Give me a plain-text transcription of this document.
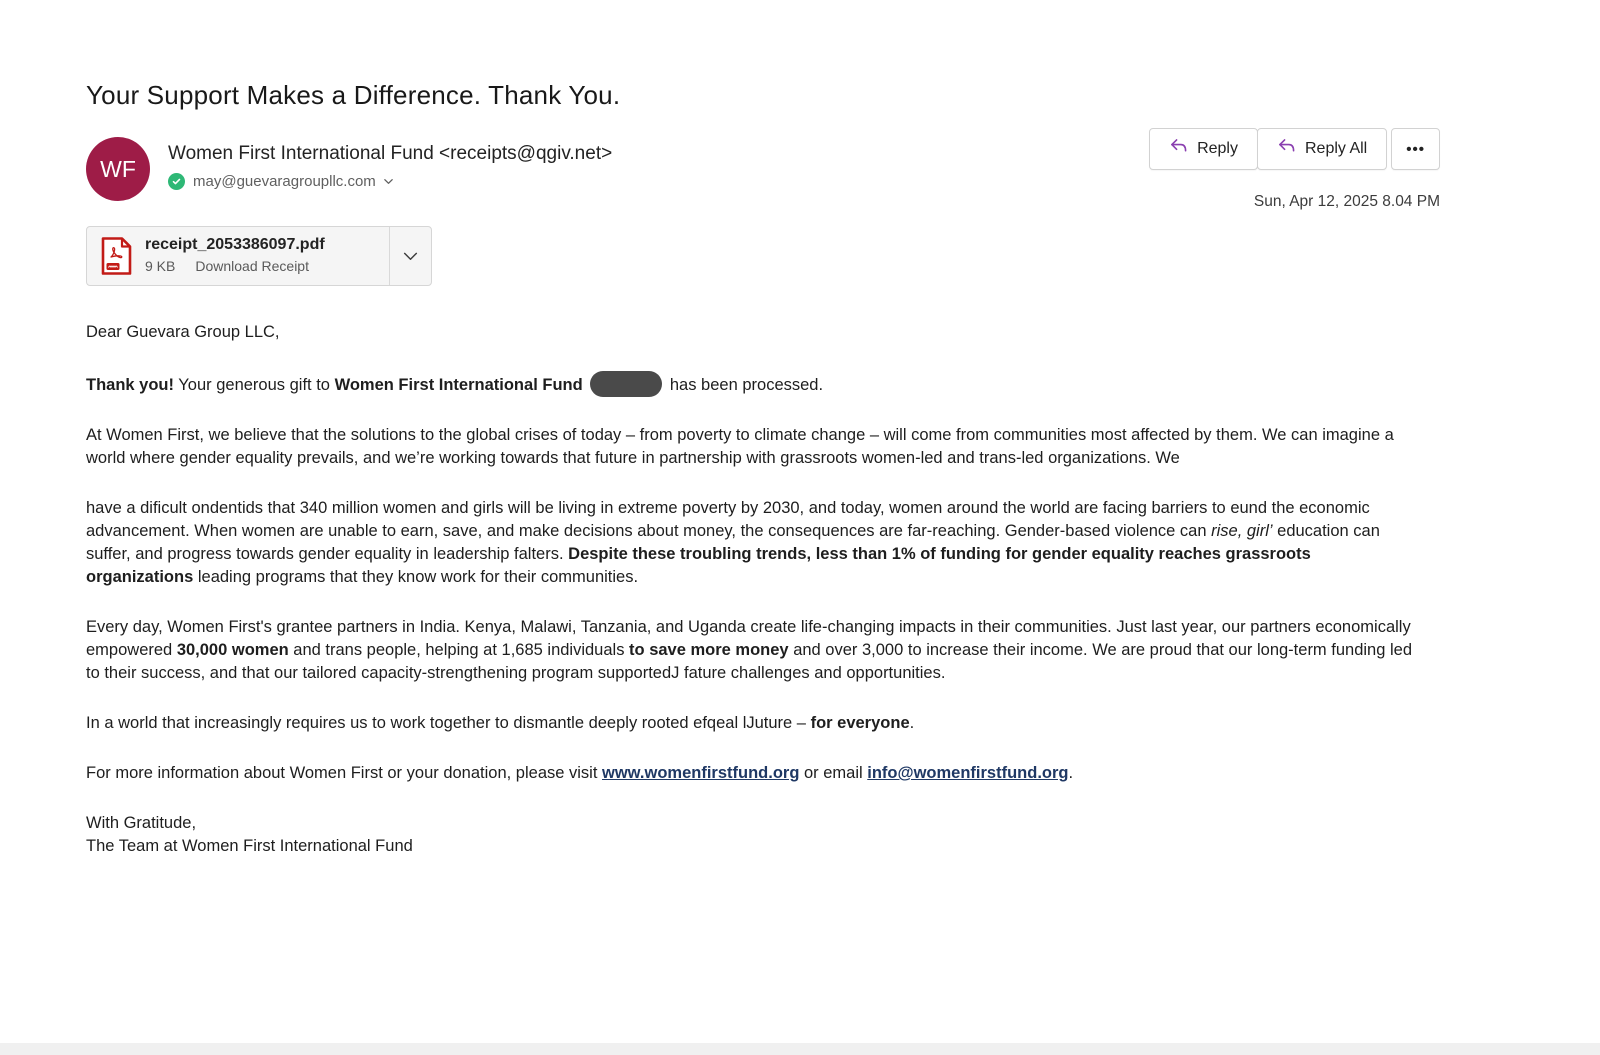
Your Support Makes a Difference. Thank You.
WF
Women First International Fund <receipts@qgiv.net>
may@guevaragroupllc.com
Reply	Reply All	•••
Sun, Apr 12, 2025 8.04 PM
receipt_2053386097.pdf
9 KB Download Receipt

Dear Guevara Group LLC,

Thank you! Your generous gift to Women First International Fund	has been processed.

At Women First, we believe that the solutions to the global crises of today – from poverty to climate change – will come from communities most affected by them. We can imagine a world where gender equality prevails, and we’re working towards that future in partnership with grassroots women-led and trans-led organizations. We

have a dificult ondentids that 340 million women and girls will be living in extreme poverty by 2030, and today, women around the world are facing barriers to eund the economic advancement. When women are unable to earn, save, and make decisions about money, the consequences are far-reaching. Gender-based violence can rise, girl’ education can suffer, and progress towards gender equality in leadership falters. Despite these troubling trends, less than 1% of funding for gender equality reaches grassroots organizations leading programs that they know work for their communities.

Every day, Women First's grantee partners in India. Kenya, Malawi, Tanzania, and Uganda create life-changing impacts in their communities. Just last year, our partners economically empowered 30,000 women and trans people, helping at 1,685 individuals to save more money and over 3,000 to increase their income. We are proud that our long-term funding led to their success, and that our tailored capacity-strengthening program supportedJ fature challenges and opportunities.

In a world that increasingly requires us to work together to dismantle deeply rooted efqeal lJuture – for everyone.

For more information about Women First or your donation, please visit www.womenfirstfund.org or email info@womenfirstfund.org.

With Gratitude,
The Team at Women First International Fund
